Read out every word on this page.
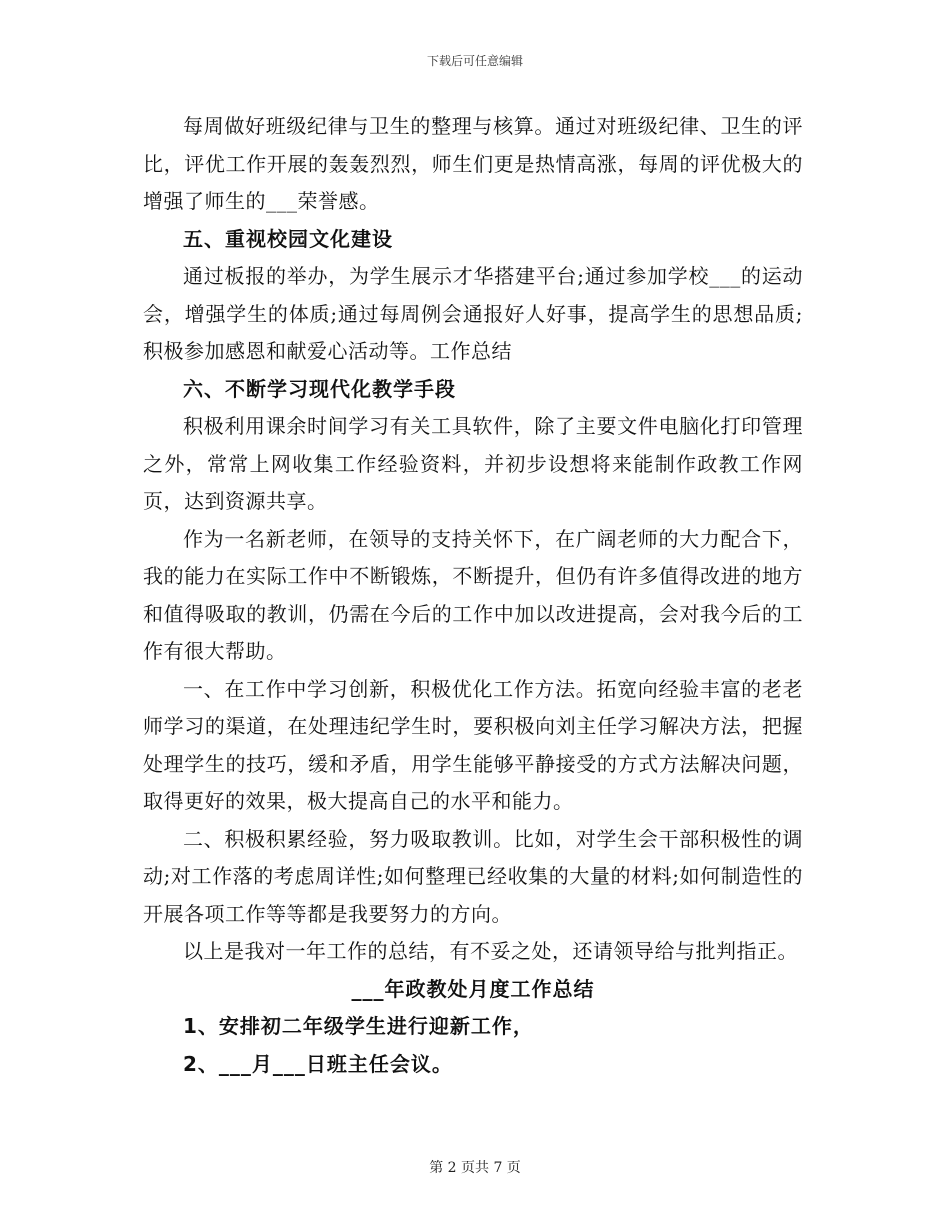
下载后可任意编辑

每周做好班级纪律与卫生的整理与核算。通过对班级纪律、卫生的评比，评优工作开展的轰轰烈烈，师生们更是热情高涨，每周的评优极大的增强了师生的___荣誉感。

五、重视校园文化建设

通过板报的举办，为学生展示才华搭建平台;通过参加学校___的运动会，增强学生的体质;通过每周例会通报好人好事，提高学生的思想品质;积极参加感恩和献爱心活动等。工作总结

六、不断学习现代化教学手段

积极利用课余时间学习有关工具软件，除了主要文件电脑化打印管理之外，常常上网收集工作经验资料，并初步设想将来能制作政教工作网页，达到资源共享。

作为一名新老师，在领导的支持关怀下，在广阔老师的大力配合下，我的能力在实际工作中不断锻炼，不断提升，但仍有许多值得改进的地方和值得吸取的教训，仍需在今后的工作中加以改进提高，会对我今后的工作有很大帮助。

一、在工作中学习创新，积极优化工作方法。拓宽向经验丰富的老老师学习的渠道，在处理违纪学生时，要积极向刘主任学习解决方法，把握处理学生的技巧，缓和矛盾，用学生能够平静接受的方式方法解决问题，取得更好的效果，极大提高自己的水平和能力。

二、积极积累经验，努力吸取教训。比如，对学生会干部积极性的调动;对工作落的考虑周详性;如何整理已经收集的大量的材料;如何制造性的开展各项工作等等都是我要努力的方向。

以上是我对一年工作的总结，有不妥之处，还请领导给与批判指正。

___年政教处月度工作总结

1、安排初二年级学生进行迎新工作，

2、___月___日班主任会议。

第 2 页共 7 页
